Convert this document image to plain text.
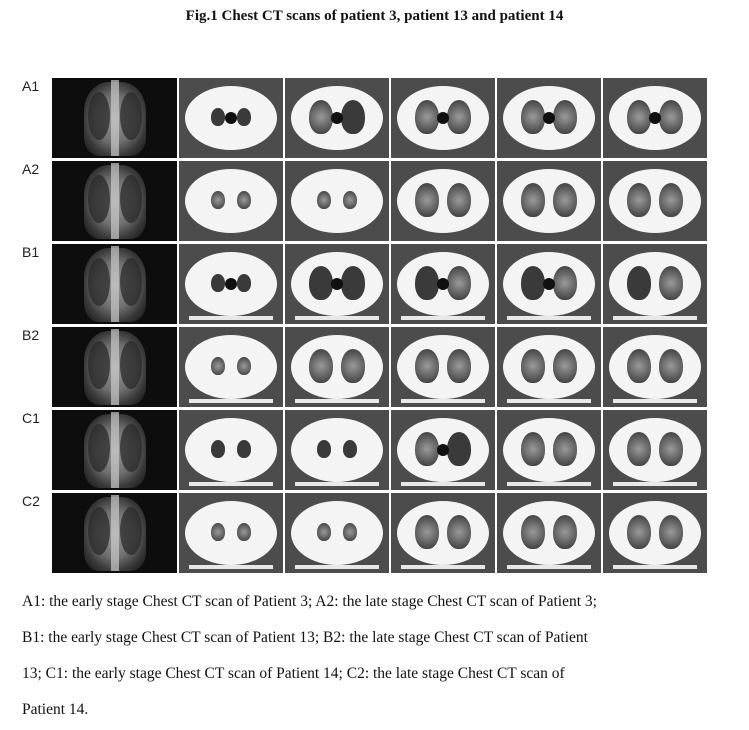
Fig.1 Chest CT scans of patient 3, patient 13 and patient 14
A1
A2
B1
B2
C1
C2

A1: the early stage Chest CT scan of Patient 3; A2: the late stage Chest CT scan of Patient 3;

B1: the early stage Chest CT scan of Patient 13; B2: the late stage Chest CT scan of Patient

13; C1: the early stage Chest CT scan of Patient 14; C2: the late stage Chest CT scan of

Patient 14.
